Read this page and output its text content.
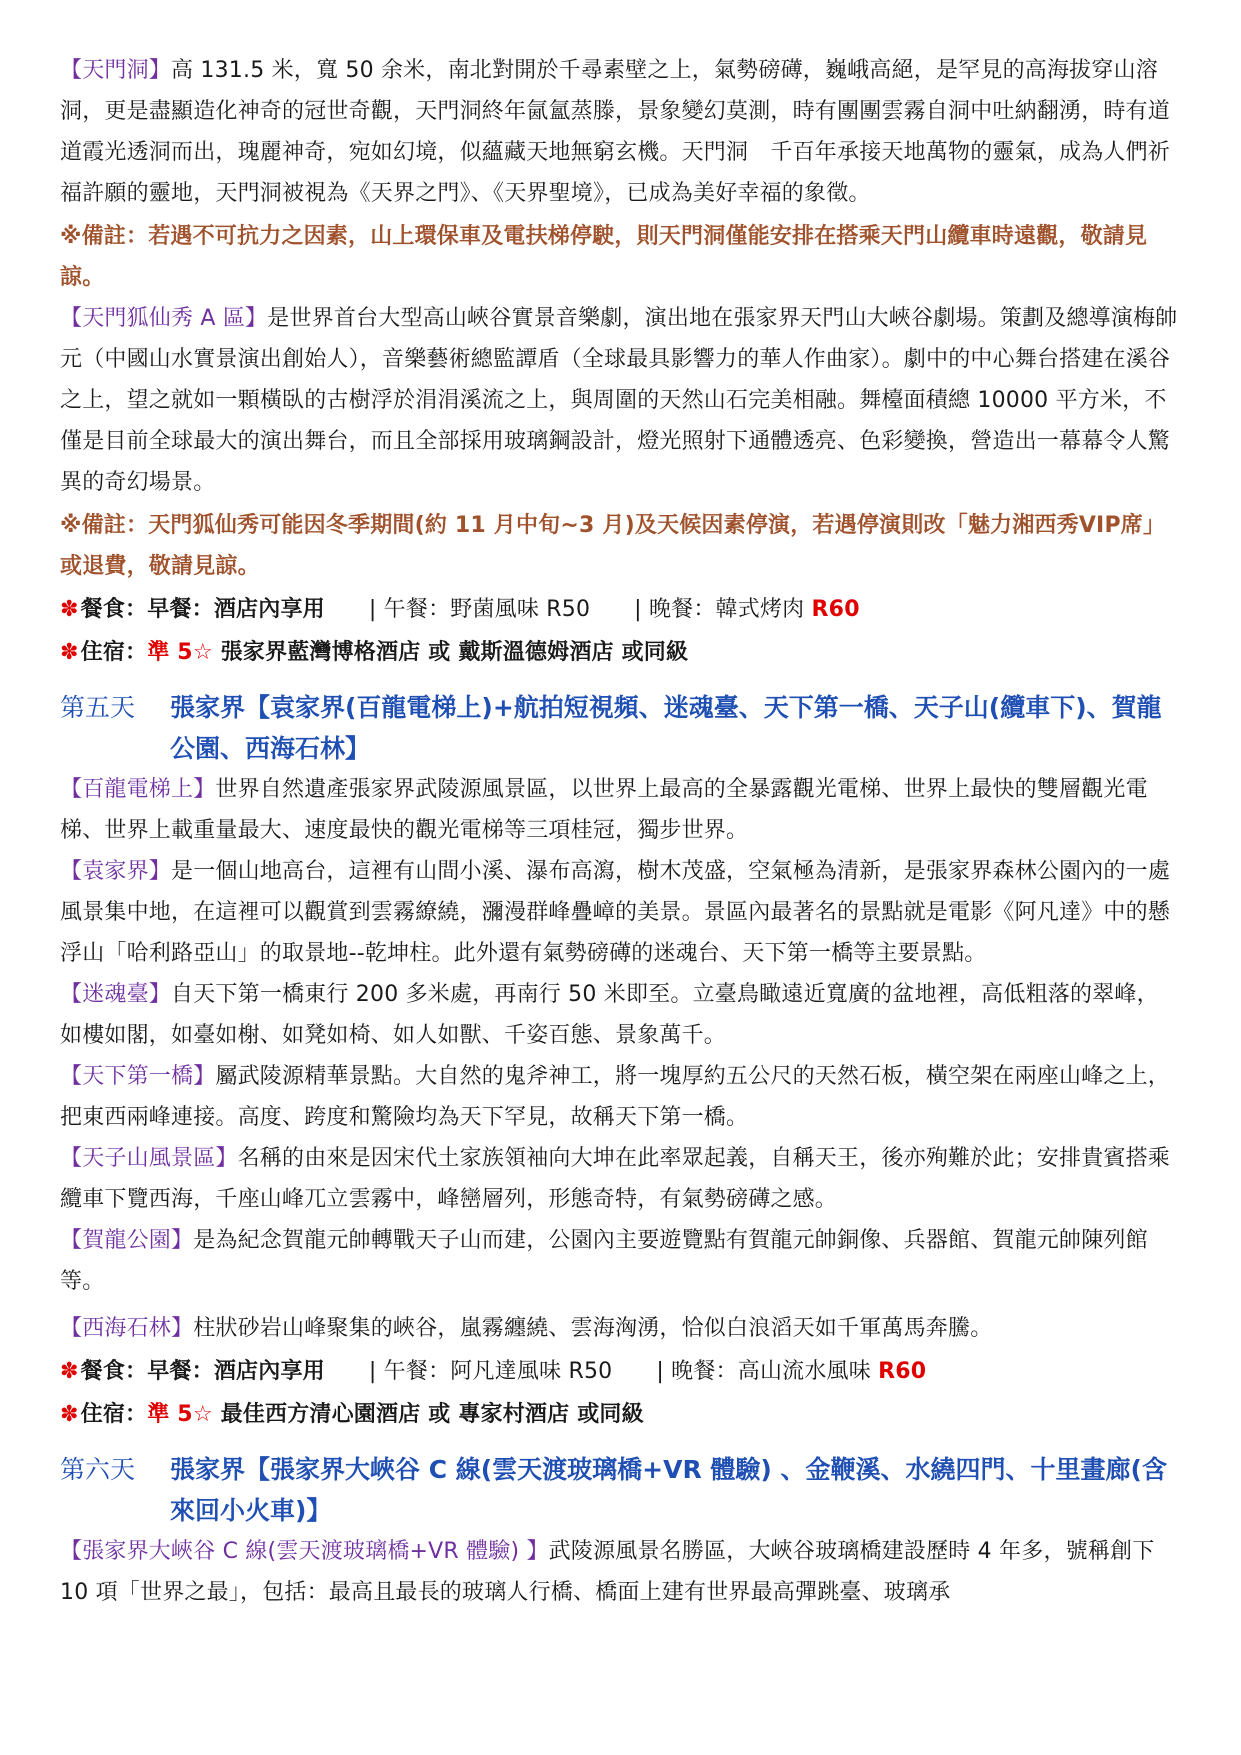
【天門洞】高 131.5 米，寬 50 余米，南北對開於千尋素壁之上，氣勢磅礡，巍峨高絕，是罕見的高海拔穿山溶洞，更是盡顯造化神奇的冠世奇觀，天門洞終年氤氳蒸滕，景象變幻莫測，時有團團雲霧自洞中吐納翻湧，時有道道霞光透洞而出，瑰麗神奇，宛如幻境，似蘊藏天地無窮玄機。天門洞　千百年承接天地萬物的靈氣，成為人們祈福許願的靈地，天門洞被視為《天界之門》、《天界聖境》，已成為美好幸福的象徵。

※備註：若遇不可抗力之因素，山上環保車及電扶梯停駛，則天門洞僅能安排在搭乘天門山纜車時遠觀，敬請見諒。

【天門狐仙秀 A 區】是世界首台大型高山峽谷實景音樂劇，演出地在張家界天門山大峽谷劇場。策劃及總導演梅帥元（中國山水實景演出創始人），音樂藝術總監譚盾（全球最具影響力的華人作曲家）。劇中的中心舞台搭建在溪谷之上，望之就如一顆橫臥的古樹浮於涓涓溪流之上，與周圍的天然山石完美相融。舞檯面積總 10000 平方米，不僅是目前全球最大的演出舞台，而且全部採用玻璃鋼設計，燈光照射下通體透亮、色彩變換，營造出一幕幕令人驚異的奇幻場景。

※備註：天門狐仙秀可能因冬季期間(約 11 月中旬~3 月)及天候因素停演，若遇停演則改「魅力湘西秀VIP席」或退費，敬請見諒。

✽餐食：早餐：酒店內享用 | 午餐：野菌風味 R50 | 晚餐：韓式烤肉 R60

✽住宿：準 5☆ 張家界藍灣博格酒店 或 戴斯溫德姆酒店 或同級

第五天	張家界【袁家界(百龍電梯上)+航拍短視頻、迷魂臺、天下第一橋、天子山(纜車下)、賀龍公園、西海石林】

【百龍電梯上】世界自然遺產張家界武陵源風景區，以世界上最高的全暴露觀光電梯、世界上最快的雙層觀光電梯、世界上載重量最大、速度最快的觀光電梯等三項桂冠，獨步世界。

【袁家界】是一個山地高台，這裡有山間小溪、瀑布高瀉，樹木茂盛，空氣極為清新，是張家界森林公園內的一處風景集中地，在這裡可以觀賞到雲霧繚繞，瀰漫群峰疊嶂的美景。景區內最著名的景點就是電影《阿凡達》中的懸浮山「哈利路亞山」的取景地--乾坤柱。此外還有氣勢磅礡的迷魂台、天下第一橋等主要景點。

【迷魂臺】自天下第一橋東行 200 多米處，再南行 50 米即至。立臺鳥瞰遠近寬廣的盆地裡，高低粗落的翠峰，如樓如閣，如臺如榭、如凳如椅、如人如獸、千姿百態、景象萬千。

【天下第一橋】屬武陵源精華景點。大自然的鬼斧神工，將一塊厚約五公尺的天然石板，橫空架在兩座山峰之上，把東西兩峰連接。高度、跨度和驚險均為天下罕見，故稱天下第一橋。

【天子山風景區】名稱的由來是因宋代土家族領袖向大坤在此率眾起義，自稱天王，後亦殉難於此；安排貴賓搭乘纜車下覽西海，千座山峰兀立雲霧中，峰巒層列，形態奇特，有氣勢磅礡之感。

【賀龍公園】是為紀念賀龍元帥轉戰天子山而建，公園內主要遊覽點有賀龍元帥銅像、兵器館、賀龍元帥陳列館等。

【西海石林】柱狀砂岩山峰聚集的峽谷，嵐霧纏繞、雲海洶湧，恰似白浪滔天如千軍萬馬奔騰。

✽餐食：早餐：酒店內享用 | 午餐：阿凡達風味 R50 | 晚餐：高山流水風味 R60

✽住宿：準 5☆ 最佳西方清心園酒店 或 專家村酒店 或同級

第六天	張家界【張家界大峽谷 C 線(雲天渡玻璃橋+VR 體驗) 、金鞭溪、水繞四門、十里畫廊(含來回小火車)】

【張家界大峽谷 C 線(雲天渡玻璃橋+VR 體驗) 】武陵源風景名勝區，大峽谷玻璃橋建設歷時 4 年多，號稱創下 10 項「世界之最」，包括：最高且最長的玻璃人行橋、橋面上建有世界最高彈跳臺、玻璃承
